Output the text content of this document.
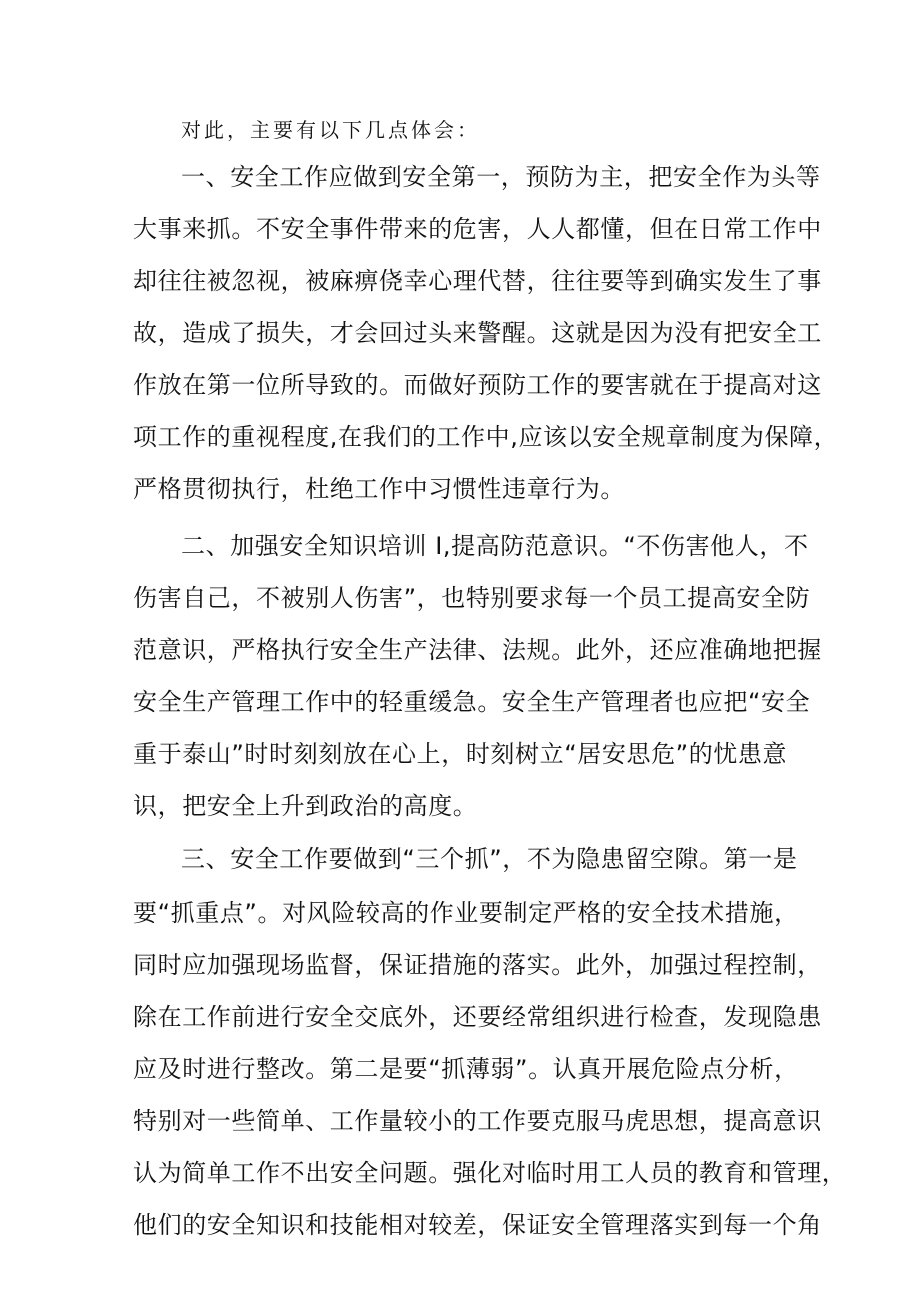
对此，主要有以下几点体会：
一、安全工作应做到安全第一，预防为主，把安全作为头等
大事来抓。不安全事件带来的危害，人人都懂，但在日常工作中
却往往被忽视，被麻痹侥幸心理代替，往往要等到确实发生了事
故，造成了损失，才会回过头来警醒。这就是因为没有把安全工
作放在第一位所导致的。而做好预防工作的要害就在于提高对这
项工作的重视程度,在我们的工作中,应该以安全规章制度为保障，
严格贯彻执行，杜绝工作中习惯性违章行为。
二、加强安全知识培训 I,提高防范意识。“不伤害他人，不
伤害自己，不被别人伤害”，也特别要求每一个员工提高安全防
范意识，严格执行安全生产法律、法规。此外，还应准确地把握
安全生产管理工作中的轻重缓急。安全生产管理者也应把“安全
重于泰山”时时刻刻放在心上，时刻树立“居安思危”的忧患意
识，把安全上升到政治的高度。
三、安全工作要做到“三个抓”，不为隐患留空隙。第一是
要“抓重点”。对风险较高的作业要制定严格的安全技术措施，
同时应加强现场监督，保证措施的落实。此外，加强过程控制，
除在工作前进行安全交底外，还要经常组织进行检查，发现隐患
应及时进行整改。第二是要“抓薄弱”。认真开展危险点分析，
特别对一些简单、工作量较小的工作要克服马虎思想，提高意识
认为简单工作不出安全问题。强化对临时用工人员的教育和管理，
他们的安全知识和技能相对较差，保证安全管理落实到每一个角
